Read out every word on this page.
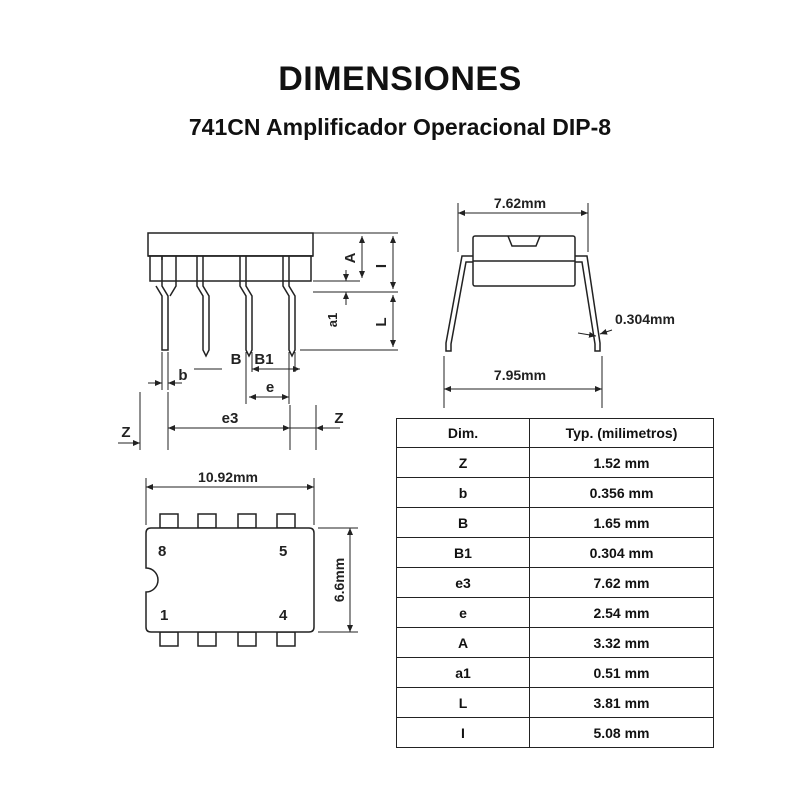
DIMENSIONES
741CN Amplificador Operacional DIP-8
A
I
a1 L
b
B B1
e
e3
Z
Z
7.62mm
0.304mm
7.95mm
8	5
1	4
10.92mm
6.6mm
Dim.	Typ. (milimetros)
Z	1.52 mm
b	0.356 mm
B	1.65 mm
B1	0.304 mm
e3	7.62 mm
e	2.54 mm
A	3.32 mm
a1	0.51 mm
L	3.81 mm
I	5.08 mm
